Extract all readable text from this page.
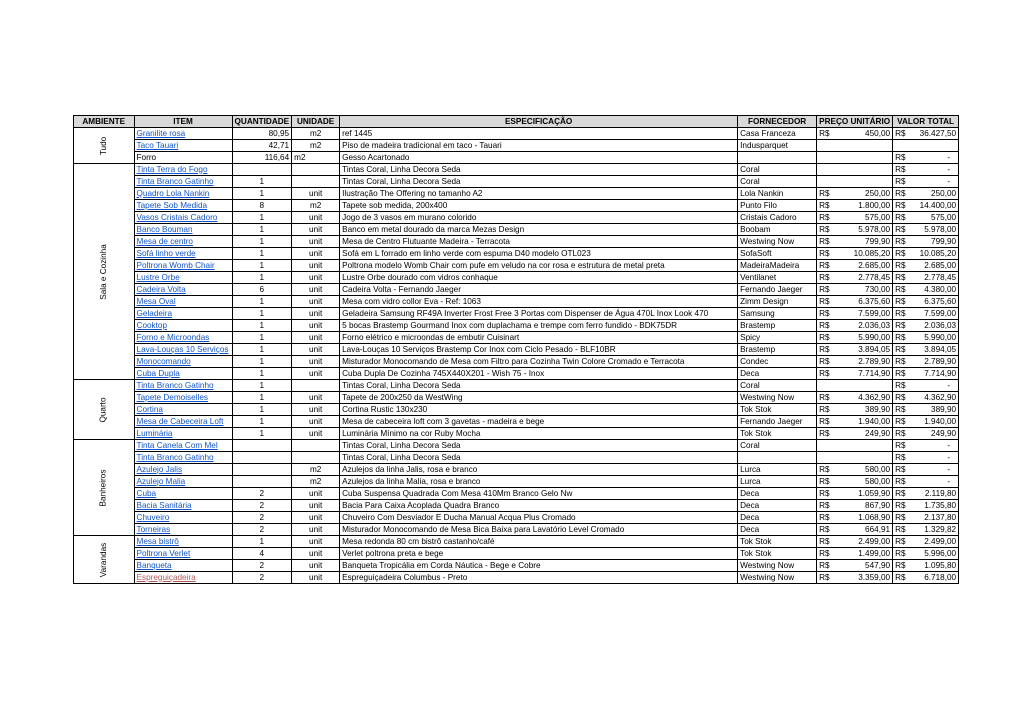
AMBIENTE	ITEM	QUANTIDADE	UNIDADE	ESPECIFICAÇÃO	FORNECEDOR	PREÇO UNITÁRIO	VALOR TOTAL
Tudo	Granilite rosa	80,95	m2	ref 1445	Casa Franceza	R$ 450,00	R$ 36.427,50

	Taco Tauari	42,71	m2	Piso de madeira tradicional em taco - Tauari	Indusparquet		
	Forro	116,64	m2	Gesso Acartonado			R$ -

Sala e Cozinha	Tinta Terra do Fogo			Tintas Coral, Linha Decora Seda	Coral		R$ -

	Tinta Branco Gatinho	1		Tintas Coral, Linha Decora Seda	Coral		R$ -

	Quadro Lola Nankin	1	unit	Ilustração The Offering no tamanho A2	Lola Nankin	R$ 250,00	R$ 250,00

	Tapete Sob Medida	8	m2	Tapete sob medida, 200x400	Punto Filo	R$ 1.800,00	R$ 14.400,00

	Vasos Cristais Cadoro	1	unit	Jogo de 3 vasos em murano colorido	Cristais Cadoro	R$ 575,00	R$ 575,00

	Banco Bouman	1	unit	Banco em metal dourado da marca Mezas Design	Boobam	R$ 5.978,00	R$ 5.978,00

	Mesa de centro	1	unit	Mesa de Centro Flutuante Madeira - Terracota	Westwing Now	R$ 799,90	R$ 799,90

	Sofá linho verde	1	unit	Sofá em L forrado em linho verde com espuma D40 modelo OTL023	SofaSoft	R$ 10.085,20	R$ 10.085,20

	Poltrona Womb Chair	1	unit	Poltrona modelo Womb Chair com pufe em veludo na cor rosa e estrutura de metal preta	MadeiraMadeira	R$ 2.685,00	R$ 2.685,00

	Lustre Orbe	1	unit	Lustre Orbe dourado com vidros conhaque	Ventilanet	R$ 2.778,45	R$ 2.778,45

	Cadeira Volta	6	unit	Cadeira Volta - Fernando Jaeger	Fernando Jaeger	R$ 730,00	R$ 4.380,00

	Mesa Oval	1	unit	Mesa com vidro collor Eva - Ref: 1063	Zimm Design	R$ 6.375,60	R$ 6.375,60

	Geladeira	1	unit	Geladeira Samsung RF49A Inverter Frost Free 3 Portas com Dispenser de Água 470L Inox Look 470	Samsung	R$ 7.599,00	R$ 7.599,00

	Cooktop	1	unit	5 bocas Brastemp Gourmand Inox com duplachama e trempe com ferro fundido - BDK75DR	Brastemp	R$ 2.036,03	R$ 2.036,03

	Forno e Microondas	1	unit	Forno elétrico e microondas de embutir Cuisinart	Spicy	R$ 5.990,00	R$ 5.990,00

	Lava-Louças 10 Serviços	1	unit	Lava-Louças 10 Serviços Brastemp Cor Inox com Ciclo Pesado - BLF10BR	Brastemp	R$ 3.894,05	R$ 3.894,05

	Monocomando	1	unit	Misturador Monocomando de Mesa com Filtro para Cozinha Twin Colore Cromado e Terracota	Condec	R$ 2.789,90	R$ 2.789,90

	Cuba Dupla	1	unit	Cuba Dupla De Cozinha 745X440X201 - Wish 75 - Inox	Deca	R$ 7.714,90	R$ 7.714,90

Quarto	Tinta Branco Gatinho	1		Tintas Coral, Linha Decora Seda	Coral		R$ -

	Tapete Demoiselles	1	unit	Tapete de 200x250 da WestWing	Westwing Now	R$ 4.362,90	R$ 4.362,90

	Cortina	1	unit	Cortina Rustic 130x230	Tok Stok	R$ 389,90	R$ 389,90

	Mesa de Cabeceira Loft	1	unit	Mesa de cabeceira loft com 3 gavetas - madeira e bege	Fernando Jaeger	R$ 1.940,00	R$ 1.940,00

	Luminária	1	unit	Luminária Mínimo na cor Ruby Mocha	Tok Stok	R$ 249,90	R$ 249,90

Banheiros	Tinta Canela Com Mel			Tintas Coral, Linha Decora Seda	Coral		R$ -

	Tinta Branco Gatinho			Tintas Coral, Linha Decora Seda			R$ -

	Azulejo Jalis		m2	Azulejos da linha Jalis, rosa e branco	Lurca	R$ 580,00	R$ -

	Azulejo Malia		m2	Azulejos da linha Malia, rosa e branco	Lurca	R$ 580,00	R$ -

	Cuba	2	unit	Cuba Suspensa Quadrada Com Mesa 410Mm Branco Gelo Nw	Deca	R$ 1.059,90	R$ 2.119,80

	Bacia Sanitária	2	unit	Bacia Para Caixa Acoplada Quadra Branco	Deca	R$ 867,90	R$ 1.735,80

	Chuveiro	2	unit	Chuveiro Com Desviador E Ducha Manual Acqua Plus Cromado	Deca	R$ 1.068,90	R$ 2.137,80

	Torneiras	2	unit	Misturador Monocomando de Mesa Bica Baixa para Lavatório Level Cromado	Deca	R$ 664,91	R$ 1.329,82

Varandas	Mesa bistrô	1	unit	Mesa redonda 80 cm bistrô castanho/café	Tok Stok	R$ 2.499,00	R$ 2.499,00

	Poltrona Verlet	4	unit	Verlet poltrona preta e bege	Tok Stok	R$ 1.499,00	R$ 5.996,00

	Banqueta	2	unit	Banqueta Tropicália em Corda Náutica - Bege e Cobre	Westwing Now	R$ 547,90	R$ 1.095,80

	Espreguiçadeira	2	unit	Espreguiçadeira Columbus - Preto	Westwing Now	R$ 3.359,00	R$ 6.718,00
